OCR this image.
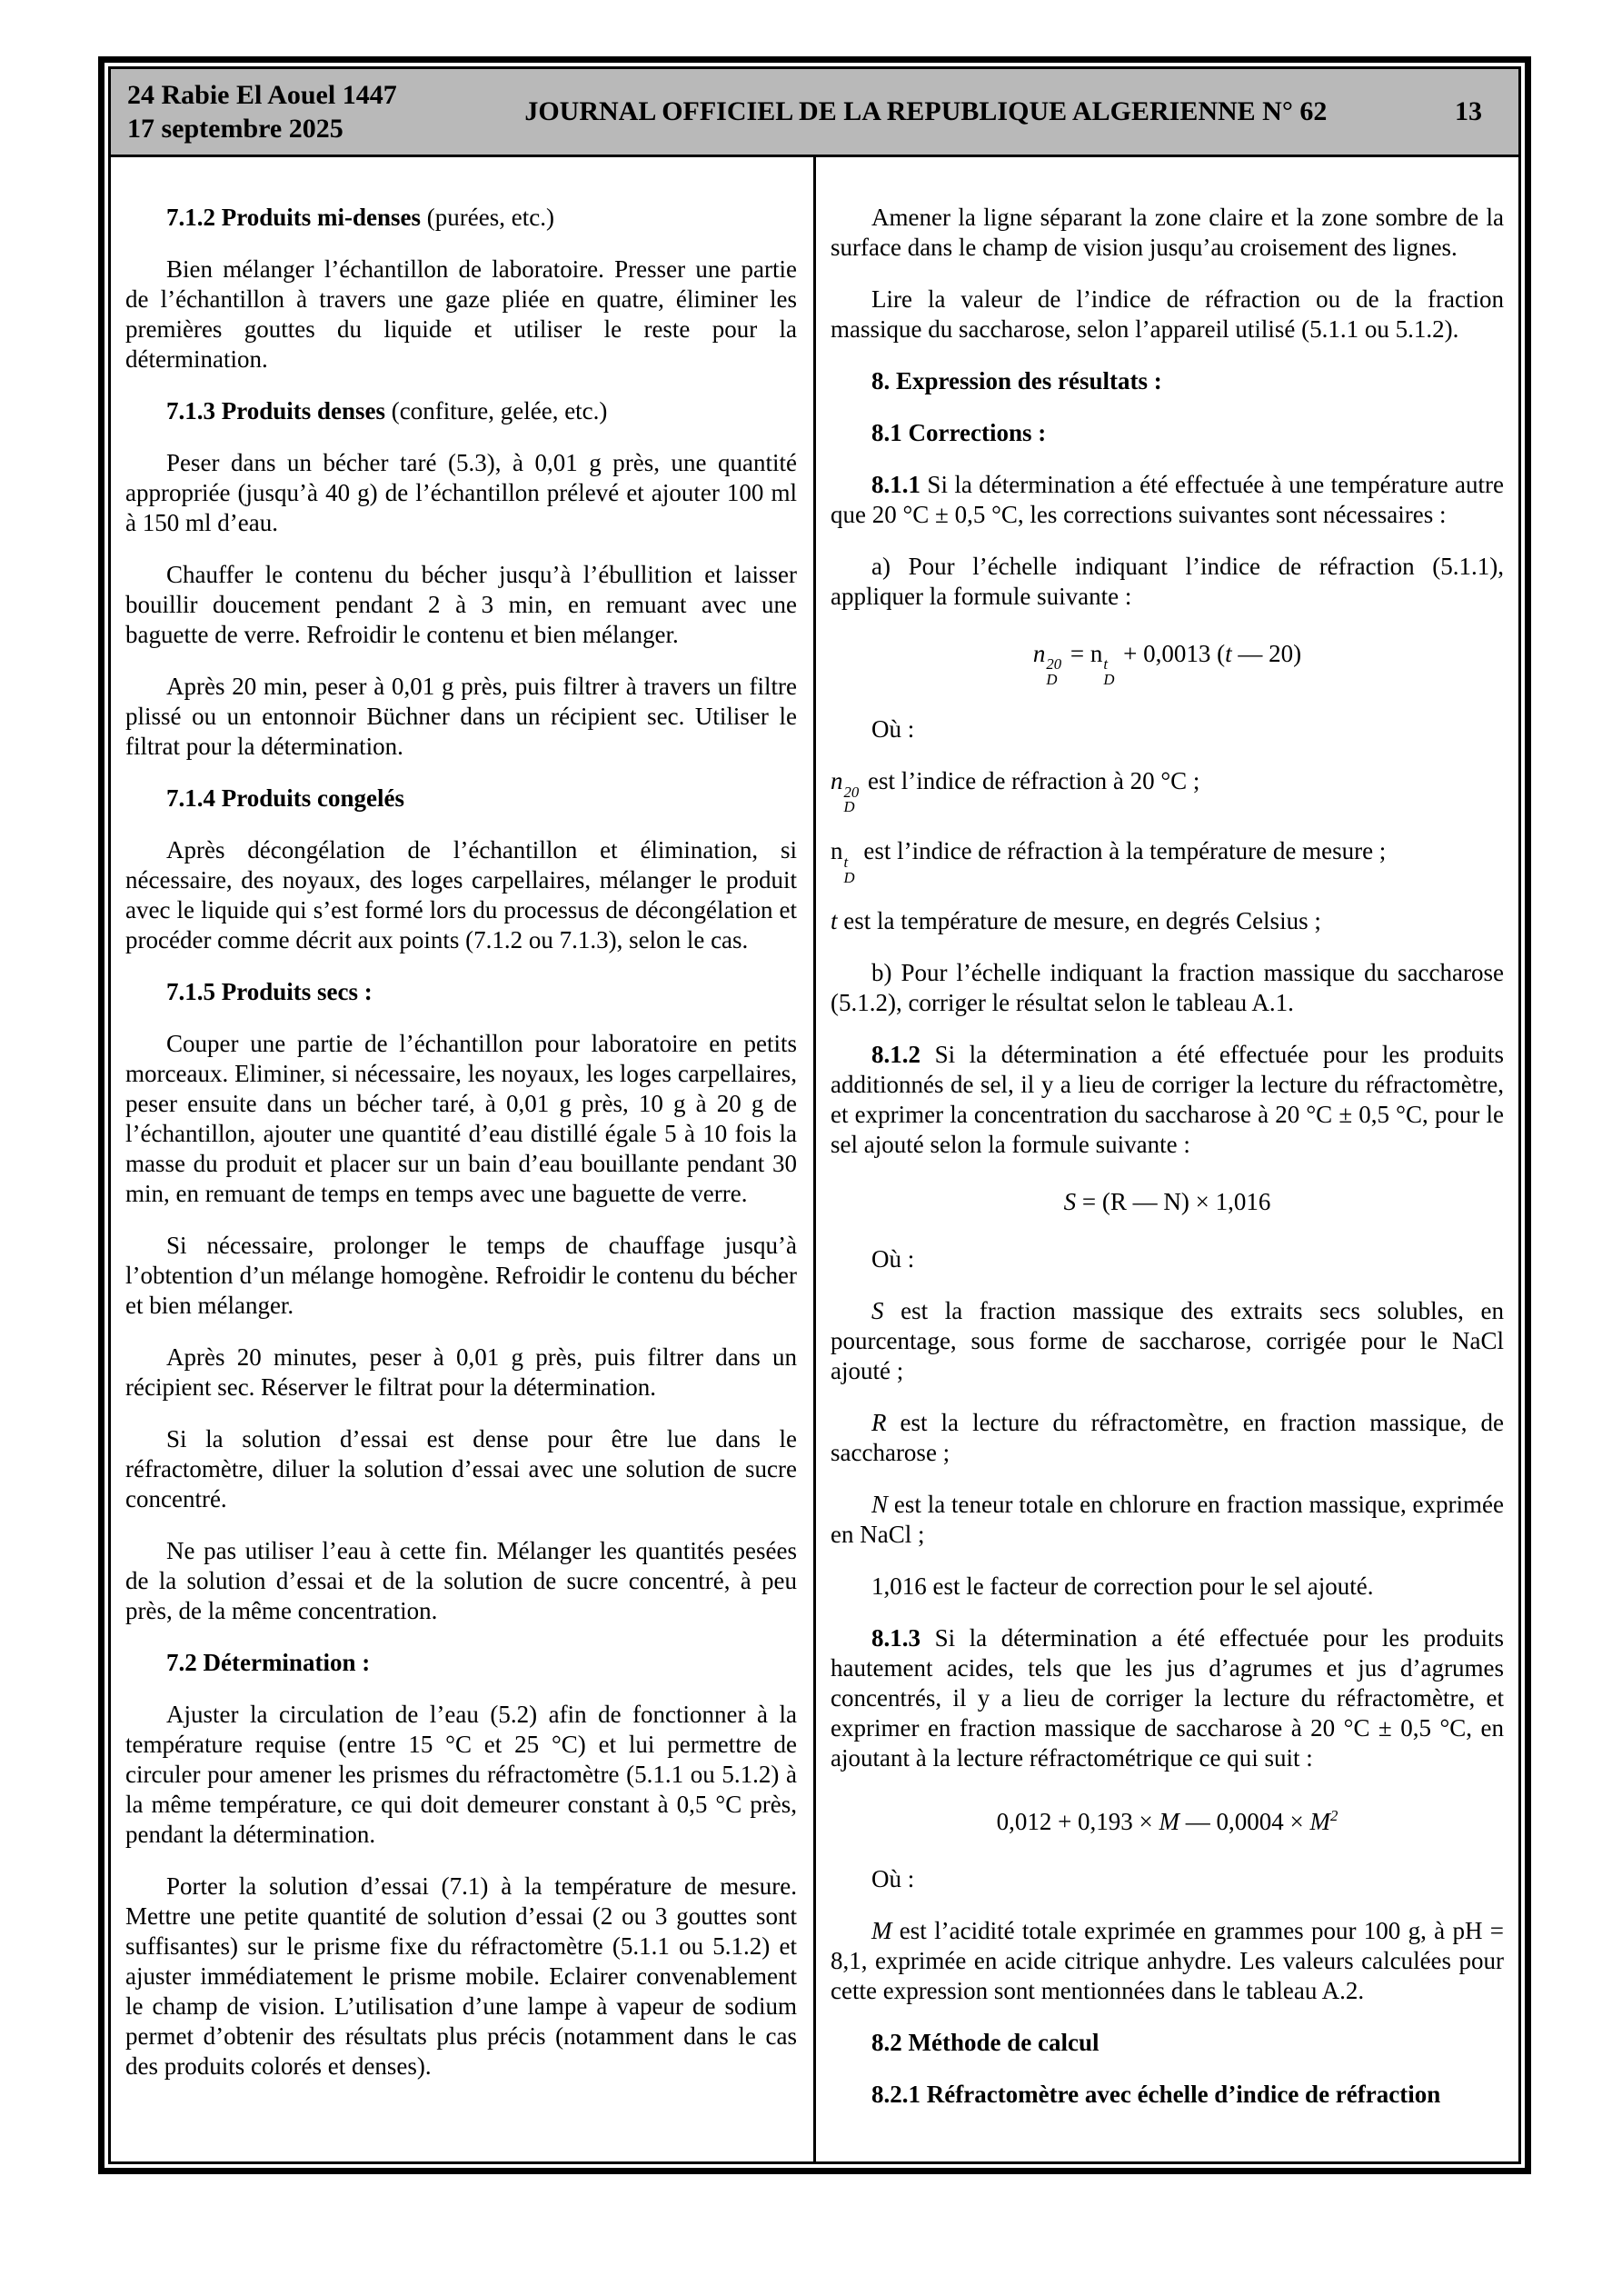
24 Rabie El Aouel 1447
17 septembre 2025
JOURNAL OFFICIEL DE LA REPUBLIQUE ALGERIENNE N° 62	13

7.1.2 Produits mi-denses (purées, etc.)

Bien mélanger l’échantillon de laboratoire. Presser une partie de l’échantillon à travers une gaze pliée en quatre, éliminer les premières gouttes du liquide et utiliser le reste pour la détermination.

7.1.3 Produits denses (confiture, gelée, etc.)

Peser dans un bécher taré (5.3), à 0,01 g près, une quantité appropriée (jusqu’à 40 g) de l’échantillon prélevé et ajouter 100 ml à 150 ml d’eau.

Chauffer le contenu du bécher jusqu’à l’ébullition et laisser bouillir doucement pendant 2 à 3 min, en remuant avec une baguette de verre. Refroidir le contenu et bien mélanger.

Après 20 min, peser à 0,01 g près, puis filtrer à travers un filtre plissé ou un entonnoir Büchner dans un récipient sec. Utiliser le filtrat pour la détermination.

7.1.4 Produits congelés

Après décongélation de l’échantillon et élimination, si nécessaire, des noyaux, des loges carpellaires, mélanger le produit avec le liquide qui s’est formé lors du processus de décongélation et procéder comme décrit aux points (7.1.2 ou 7.1.3), selon le cas.

7.1.5 Produits secs :

Couper une partie de l’échantillon pour laboratoire en petits morceaux. Eliminer, si nécessaire, les noyaux, les loges carpellaires, peser ensuite dans un bécher taré, à 0,01 g près, 10 g à 20 g de l’échantillon, ajouter une quantité d’eau distillé égale 5 à 10 fois la masse du produit et placer sur un bain d’eau bouillante pendant 30 min, en remuant de temps en temps avec une baguette de verre.

Si nécessaire, prolonger le temps de chauffage jusqu’à l’obtention d’un mélange homogène. Refroidir le contenu du bécher et bien mélanger.

Après 20 minutes, peser à 0,01 g près, puis filtrer dans un récipient sec. Réserver le filtrat pour la détermination.

Si la solution d’essai est dense pour être lue dans le réfractomètre, diluer la solution d’essai avec une solution de sucre concentré.

Ne pas utiliser l’eau à cette fin. Mélanger les quantités pesées de la solution d’essai et de la solution de sucre concentré, à peu près, de la même concentration.

7.2 Détermination :

Ajuster la circulation de l’eau (5.2) afin de fonctionner à la température requise (entre 15 °C et 25 °C) et lui permettre de circuler pour amener les prismes du réfractomètre (5.1.1 ou 5.1.2) à la même température, ce qui doit demeurer constant à 0,5 °C près, pendant la détermination.

Porter la solution d’essai (7.1) à la température de mesure. Mettre une petite quantité de solution d’essai (2 ou 3 gouttes sont suffisantes) sur le prisme fixe du réfractomètre (5.1.1 ou 5.1.2) et ajuster immédiatement le prisme mobile. Eclairer convenablement le champ de vision. L’utilisation d’une lampe à vapeur de sodium permet d’obtenir des résultats plus précis (notamment dans le cas des produits colorés et denses).

Amener la ligne séparant la zone claire et la zone sombre de la surface dans le champ de vision jusqu’au croisement des lignes.

Lire la valeur de l’indice de réfraction ou de la fraction massique du saccharose, selon l’appareil utilisé (5.1.1 ou 5.1.2).

8. Expression des résultats :

8.1 Corrections :

8.1.1 Si la détermination a été effectuée à une température autre que 20 °C ± 0,5 °C, les corrections suivantes sont nécessaires :

a) Pour l’échelle indiquant l’indice de réfraction (5.1.1), appliquer la formule suivante :

n 20
D
= n t
D
+ 0,0013 (t — 20)

Où :

n 20
D
est l’indice de réfraction à 20 °C ;

n t
D
est l’indice de réfraction à la température de mesure ;

t est la température de mesure, en degrés Celsius ;

b) Pour l’échelle indiquant la fraction massique du saccharose (5.1.2), corriger le résultat selon le tableau A.1.

8.1.2 Si la détermination a été effectuée pour les produits additionnés de sel, il y a lieu de corriger la lecture du réfractomètre, et exprimer la concentration du saccharose à 20 °C ± 0,5 °C, pour le sel ajouté selon la formule suivante :

S = (R — N) × 1,016

Où :

S est la fraction massique des extraits secs solubles, en pourcentage, sous forme de saccharose, corrigée pour le NaCl ajouté ;

R est la lecture du réfractomètre, en fraction massique, de saccharose ;

N est la teneur totale en chlorure en fraction massique, exprimée en NaCl ;

1,016 est le facteur de correction pour le sel ajouté.

8.1.3 Si la détermination a été effectuée pour les produits hautement acides, tels que les jus d’agrumes et jus d’agrumes concentrés, il y a lieu de corriger la lecture du réfractomètre, et exprimer en fraction massique de saccharose à 20 °C ± 0,5 °C, en ajoutant à la lecture réfractométrique ce qui suit :

0,012 + 0,193 × M — $0,0004 \times M^2$

Où :

M est l’acidité totale exprimée en grammes pour 100 g, à pH = 8,1, exprimée en acide citrique anhydre. Les valeurs calculées pour cette expression sont mentionnées dans le tableau A.2.

8.2 Méthode de calcul

8.2.1 Réfractomètre avec échelle d’indice de réfraction
